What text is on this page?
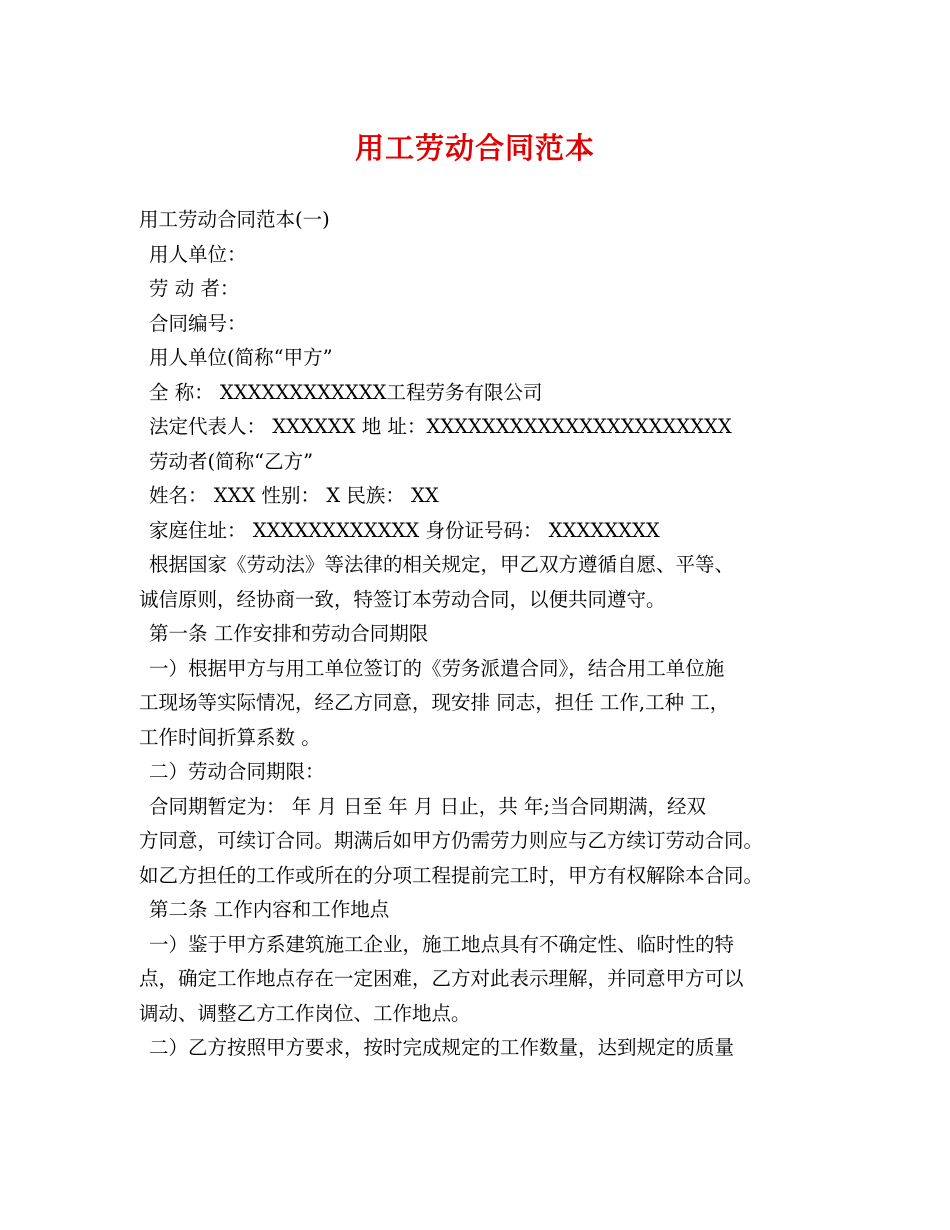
用工劳动合同范本
用工劳动合同范本(一)
用人单位：
劳 动 者：
合同编号：
用人单位(简称“甲方”
全 称： XXXXXXXXXXXX工程劳务有限公司
法定代表人： XXXXXX 地 址：XXXXXXXXXXXXXXXXXXXXXX
劳动者(简称“乙方”
姓名： XXX 性别： X 民族： XX
家庭住址： XXXXXXXXXXXX 身份证号码： XXXXXXXX
根据国家《劳动法》等法律的相关规定，甲乙双方遵循自愿、平等、
诚信原则，经协商一致，特签订本劳动合同，以便共同遵守。
第一条 工作安排和劳动合同期限
一）根据甲方与用工单位签订的《劳务派遣合同》，结合用工单位施
工现场等实际情况，经乙方同意，现安排 同志，担任 工作,工种 工，
工作时间折算系数 。
二）劳动合同期限：
合同期暂定为： 年 月 日至 年 月 日止，共 年;当合同期满，经双
方同意，可续订合同。期满后如甲方仍需劳力则应与乙方续订劳动合同。
如乙方担任的工作或所在的分项工程提前完工时，甲方有权解除本合同。
第二条 工作内容和工作地点
一）鉴于甲方系建筑施工企业，施工地点具有不确定性、临时性的特
点，确定工作地点存在一定困难，乙方对此表示理解，并同意甲方可以
调动、调整乙方工作岗位、工作地点。
二）乙方按照甲方要求，按时完成规定的工作数量，达到规定的质量
